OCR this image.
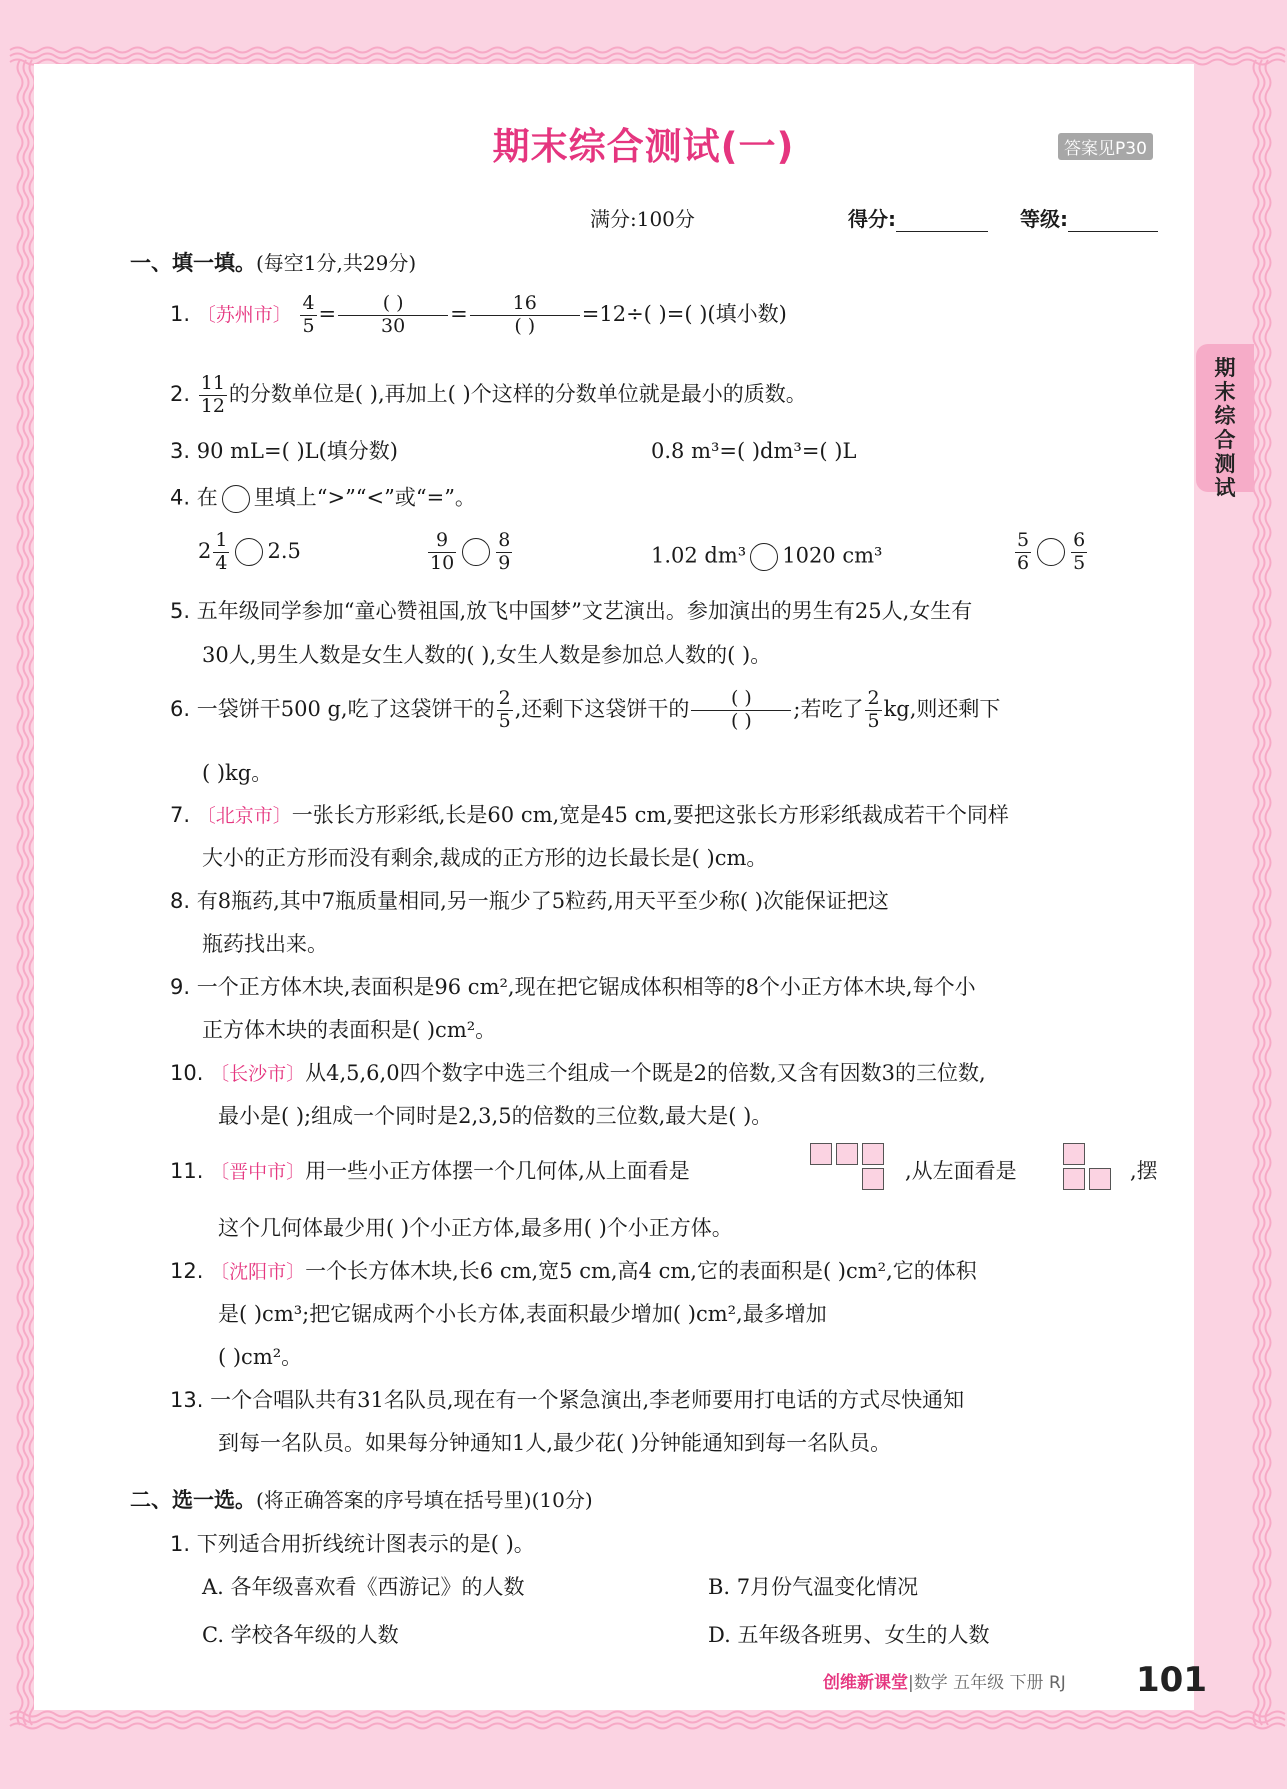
期末综合测试
期末综合测试(一)	答案见P30
满分:100分	得分:	等级:
一、填一填。(每空1分,共29分)
1. 〔苏州市〕 $\frac{4}{5} = \frac{( )}{30} = \frac{16}{( )} =12\div$( )=( )(填小数)
2. $\frac{11}{12}$ 的分数单位是( ),再加上( )个这样的分数单位就是最小的质数。
3. 90 mL=( )L(填分数)	0.8 m³=( )dm³=( )L
4. 在 里填上“>”“<”或“=”。
$2 \frac{1}{4} 2.5$	$\frac{9}{10} \frac{8}{9}$	1.02 dm³ 1020 cm³	$\frac{5}{6} \frac{6}{5}$
5. 五年级同学参加“童心赞祖国,放飞中国梦”文艺演出。参加演出的男生有25人,女生有
30人,男生人数是女生人数的( ),女生人数是参加总人数的( )。
6. 一袋饼干500 g,吃了这袋饼干的 $\frac{2}{5}$ ,还剩下这袋饼干的 $\frac{( )}{( )}$ ;若吃了 $\frac{2}{5}$ kg,则还剩下
( )kg。
7. 〔北京市〕一张长方形彩纸,长是60 cm,宽是45 cm,要把这张长方形彩纸裁成若干个同样
大小的正方形而没有剩余,裁成的正方形的边长最长是( )cm。
8. 有8瓶药,其中7瓶质量相同,另一瓶少了5粒药,用天平至少称( )次能保证把这
瓶药找出来。
9. 一个正方体木块,表面积是96 cm²,现在把它锯成体积相等的8个小正方体木块,每个小
正方体木块的表面积是( )cm²。
10. 〔长沙市〕从4,5,6,0四个数字中选三个组成一个既是2的倍数,又含有因数3的三位数,
最小是( );组成一个同时是2,3,5的倍数的三位数,最大是( )。
11. 〔晋中市〕用一些小正方体摆一个几何体,从上面看是	,从左面看是	,摆
这个几何体最少用( )个小正方体,最多用( )个小正方体。
12. 〔沈阳市〕一个长方体木块,长6 cm,宽5 cm,高4 cm,它的表面积是( )cm²,它的体积
是( )cm³;把它锯成两个小长方体,表面积最少增加( )cm²,最多增加
( )cm²。
13. 一个合唱队共有31名队员,现在有一个紧急演出,李老师要用打电话的方式尽快通知
到每一名队员。如果每分钟通知1人,最少花( )分钟能通知到每一名队员。
二、选一选。(将正确答案的序号填在括号里)(10分)
1. 下列适合用折线统计图表示的是( )。
A. 各年级喜欢看《西游记》的人数	B. 7月份气温变化情况
C. 学校各年级的人数	D. 五年级各班男、女生的人数
创维新课堂|数学 五年级 下册 RJ 101
